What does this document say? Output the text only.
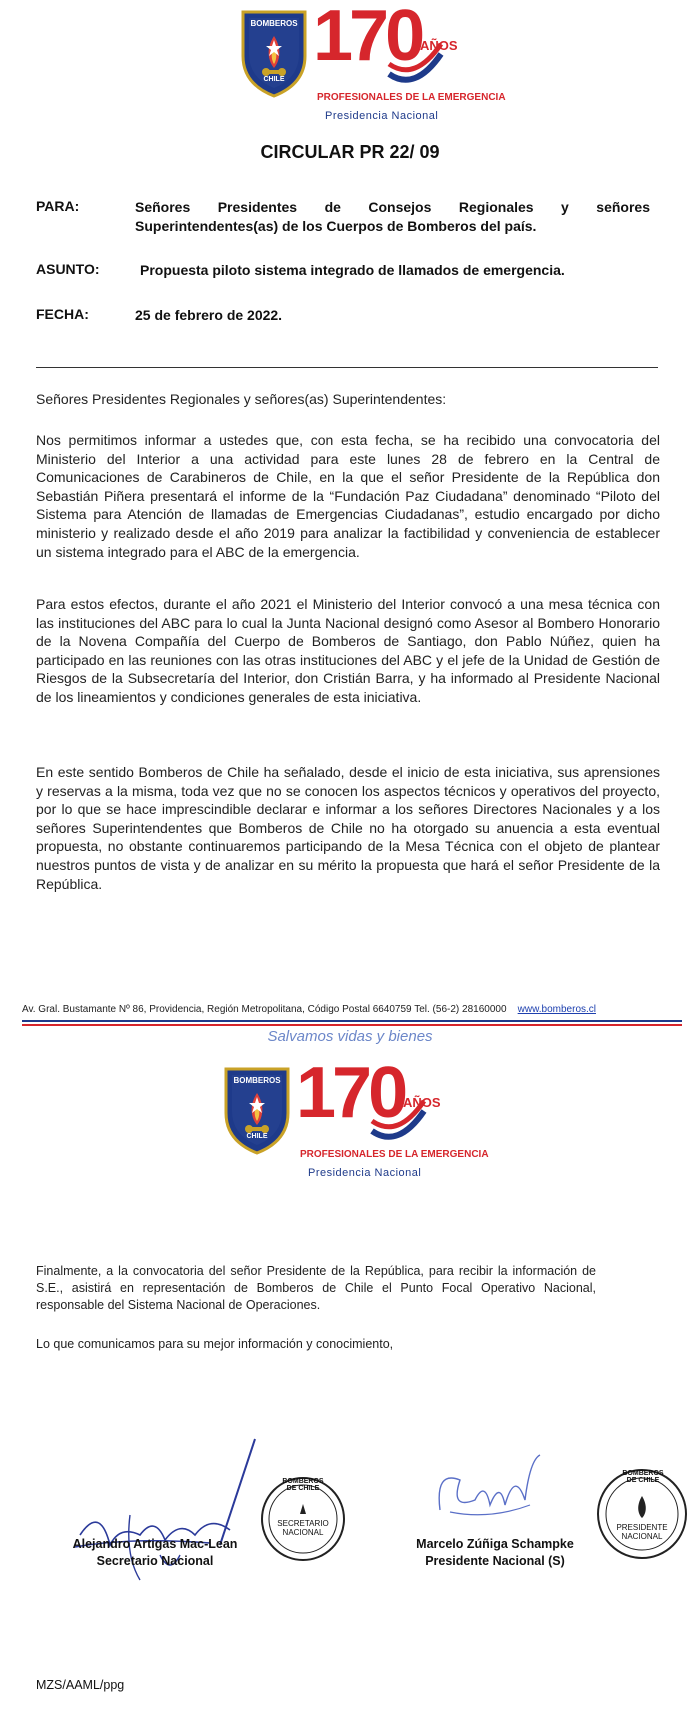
BOMBEROS
CHILE
170
AÑOS
PROFESIONALES DE LA EMERGENCIA
Presidencia Nacional
CIRCULAR PR 22/ 09
PARA:	Señores Presidentes de Consejos Regionales y señores Superintendentes(as) de los Cuerpos de Bomberos del país.
ASUNTO:	Propuesta piloto sistema integrado de llamados de emergencia.
FECHA:	25 de febrero de 2022.
Señores Presidentes Regionales y señores(as) Superintendentes:
Nos permitimos informar a ustedes que, con esta fecha, se ha recibido una convocatoria del Ministerio del Interior a una actividad para este lunes 28 de febrero en la Central de Comunicaciones de Carabineros de Chile, en la que el señor Presidente de la República don Sebastián Piñera presentará el informe de la “Fundación Paz Ciudadana” denominado “Piloto del Sistema para Atención de llamadas de Emergencias Ciudadanas”, estudio encargado por dicho ministerio y realizado desde el año 2019 para analizar la factibilidad y conveniencia de establecer un sistema integrado para el ABC de la emergencia.
Para estos efectos, durante el año 2021 el Ministerio del Interior convocó a una mesa técnica con las instituciones del ABC para lo cual la Junta Nacional designó como Asesor al Bombero Honorario de la Novena Compañía del Cuerpo de Bomberos de Santiago, don Pablo Núñez, quien ha participado en las reuniones con las otras instituciones del ABC y el jefe de la Unidad de Gestión de Riesgos de la Subsecretaría del Interior, don Cristián Barra, y ha informado al Presidente Nacional de los lineamientos y condiciones generales de esta iniciativa.
En este sentido Bomberos de Chile ha señalado, desde el inicio de esta iniciativa, sus aprensiones y reservas a la misma, toda vez que no se conocen los aspectos técnicos y operativos del proyecto, por lo que se hace imprescindible declarar e informar a los señores Directores Nacionales y a los señores Superintendentes que Bomberos de Chile no ha otorgado su anuencia a esta eventual propuesta, no obstante continuaremos participando de la Mesa Técnica con el objeto de plantear nuestros puntos de vista y de analizar en su mérito la propuesta que hará el señor Presidente de la República.
Av. Gral. Bustamante Nº 86, Providencia, Región Metropolitana, Código Postal 6640759 Tel. (56-2) 28160000 www.bomberos.cl
Salvamos vidas y bienes
BOMBEROS
CHILE
170
AÑOS
PROFESIONALES DE LA EMERGENCIA
Presidencia Nacional
Finalmente, a la convocatoria del señor Presidente de la República, para recibir la información de S.E., asistirá en representación de Bomberos de Chile el Punto Focal Operativo Nacional, responsable del Sistema Nacional de Operaciones.
Lo que comunicamos para su mejor información y conocimiento,
BOMBEROS DE CHILE
SECRETARIO NACIONAL
Alejandro Artigas Mac-Lean
Secretario Nacional
BOMBEROS DE CHILE
PRESIDENTE NACIONAL
Marcelo Zúñiga Schampke
Presidente Nacional (S)
MZS/AAML/ppg
